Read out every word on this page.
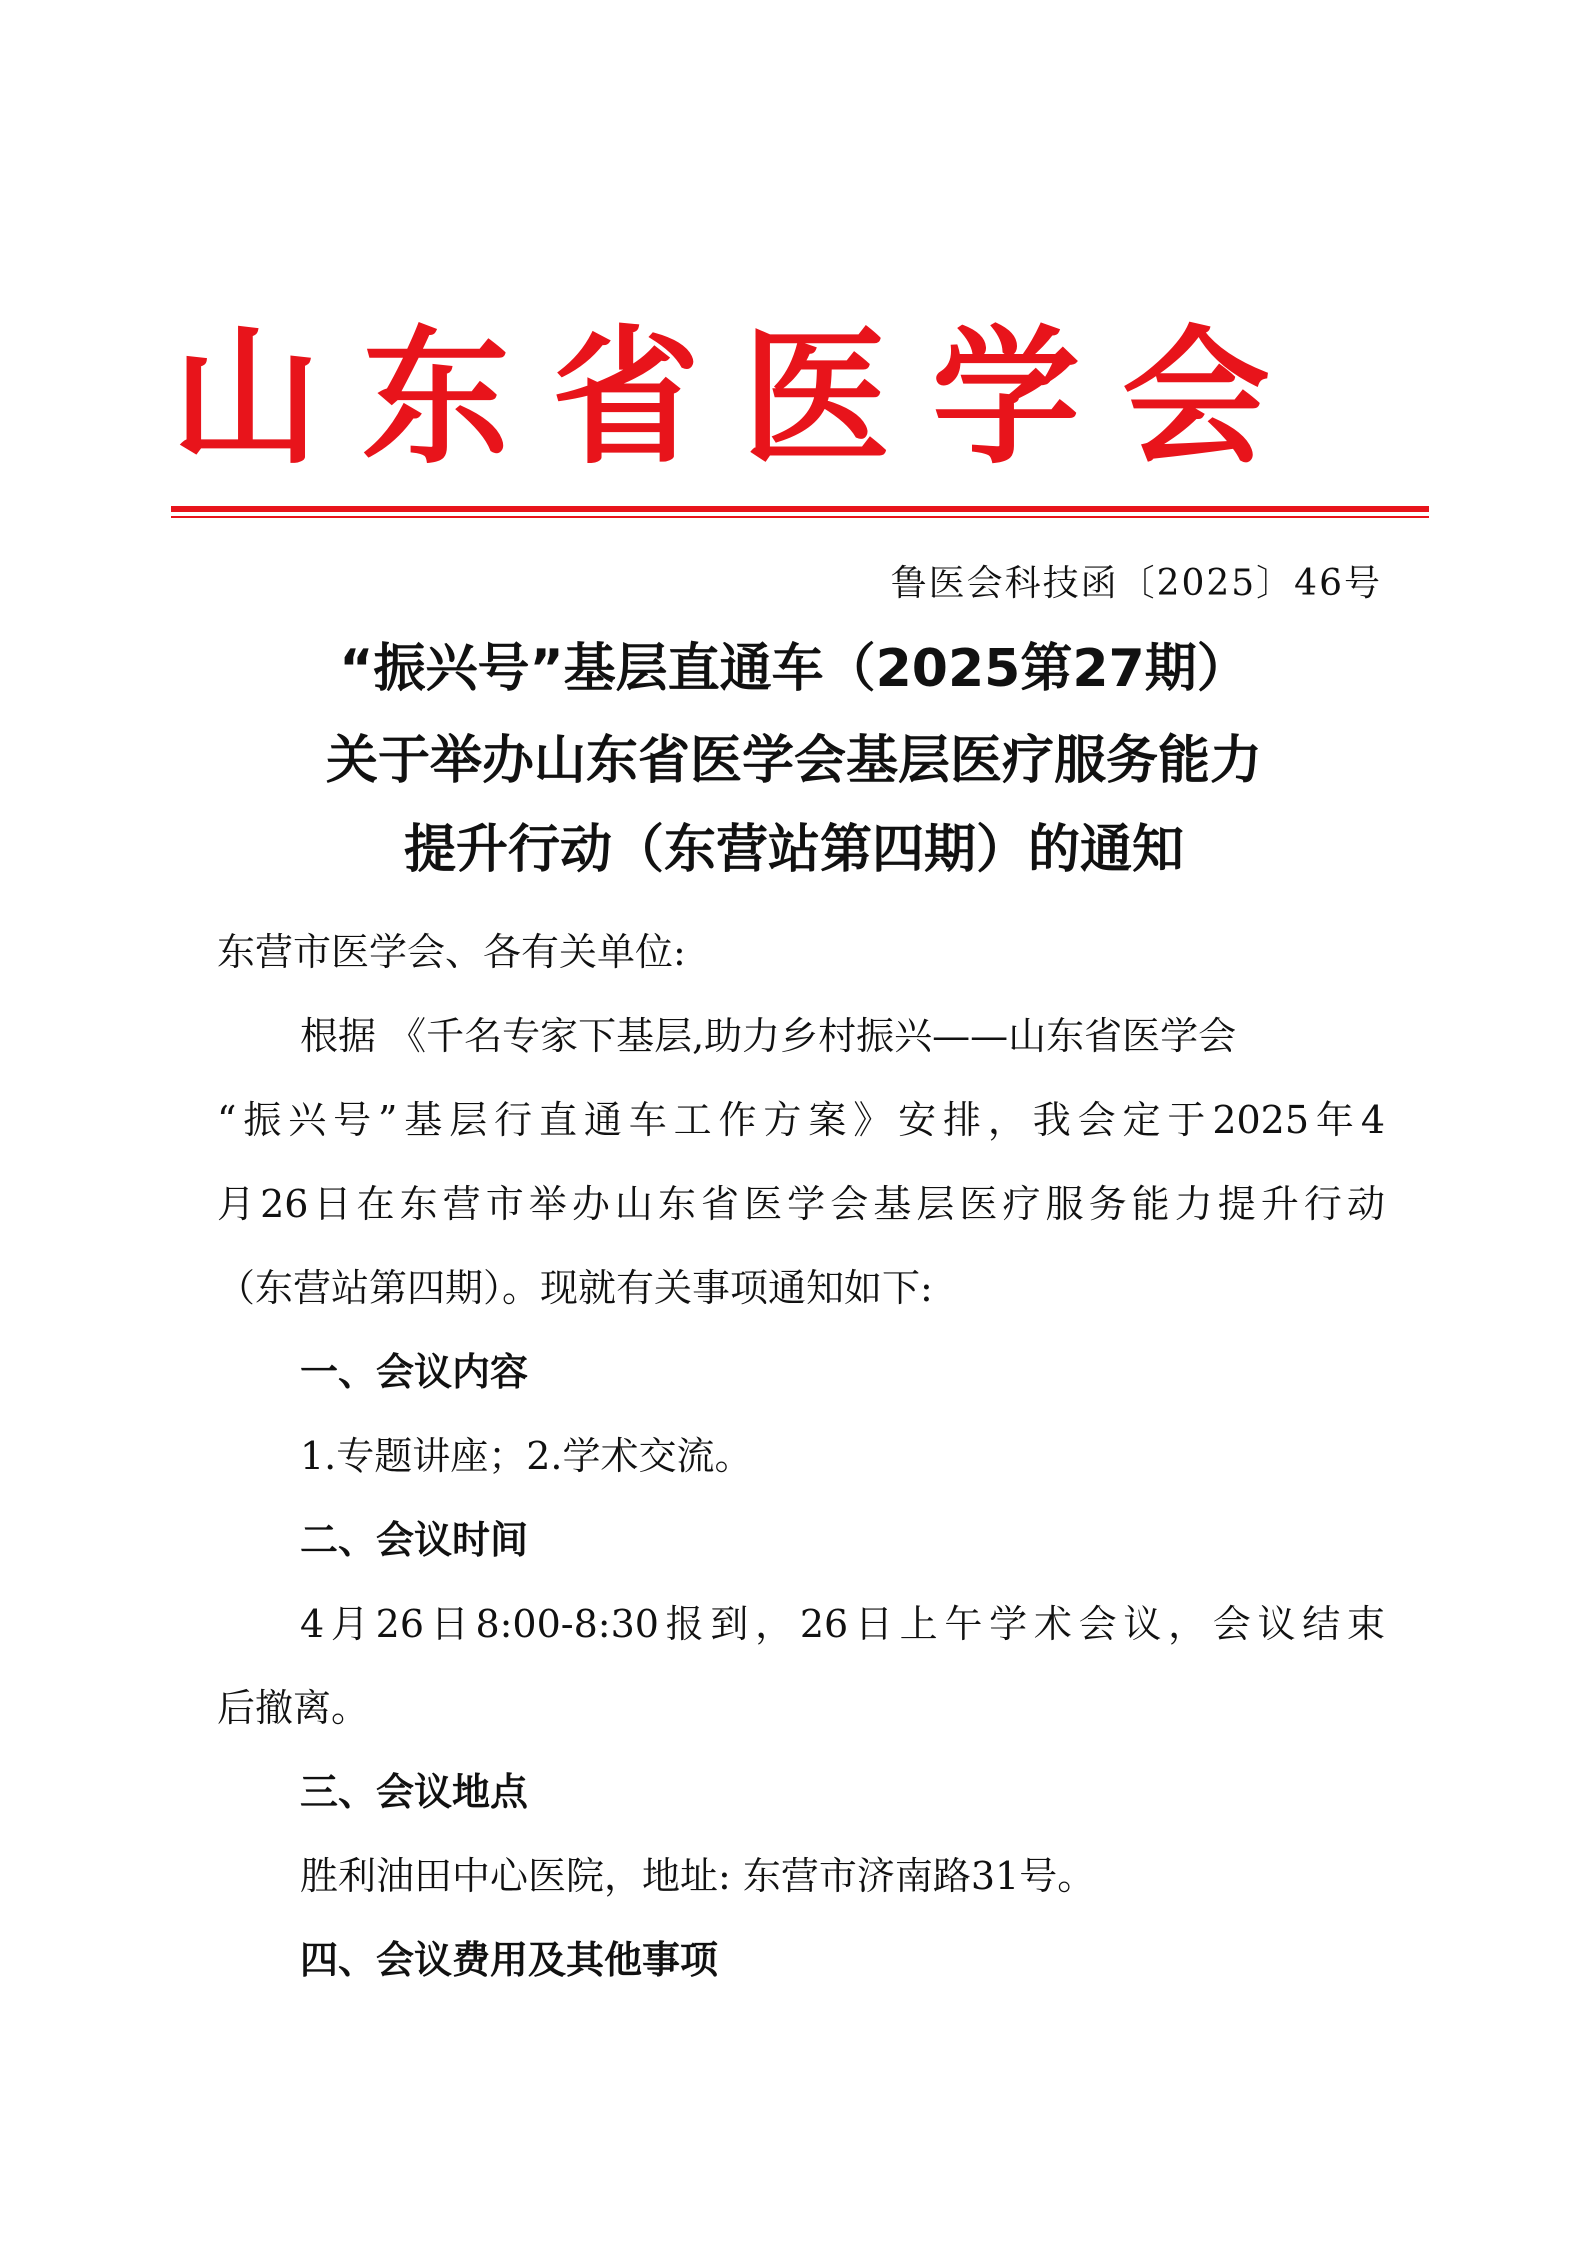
山东省医学会
鲁医会科技函〔2025〕46号
“振兴号”基层直通车（2025第27期）
关于举办山东省医学会基层医疗服务能力
提升行动（东营站第四期）的通知
东营市医学会、各有关单位:
根据 《千名专家下基层,助力乡村振兴——山东省医学会
“振兴号”基层行直通车工作方案》安排，我会定于2025年4
月26日在东营市举办山东省医学会基层医疗服务能力提升行动
（东营站第四期）。现就有关事项通知如下:
一、会议内容
1.专题讲座；2.学术交流。
二、会议时间
4月26日8:00-8:30报到，26日上午学术会议，会议结束
后撤离。
三、会议地点
胜利油田中心医院，地址: 东营市济南路31号。
四、会议费用及其他事项
